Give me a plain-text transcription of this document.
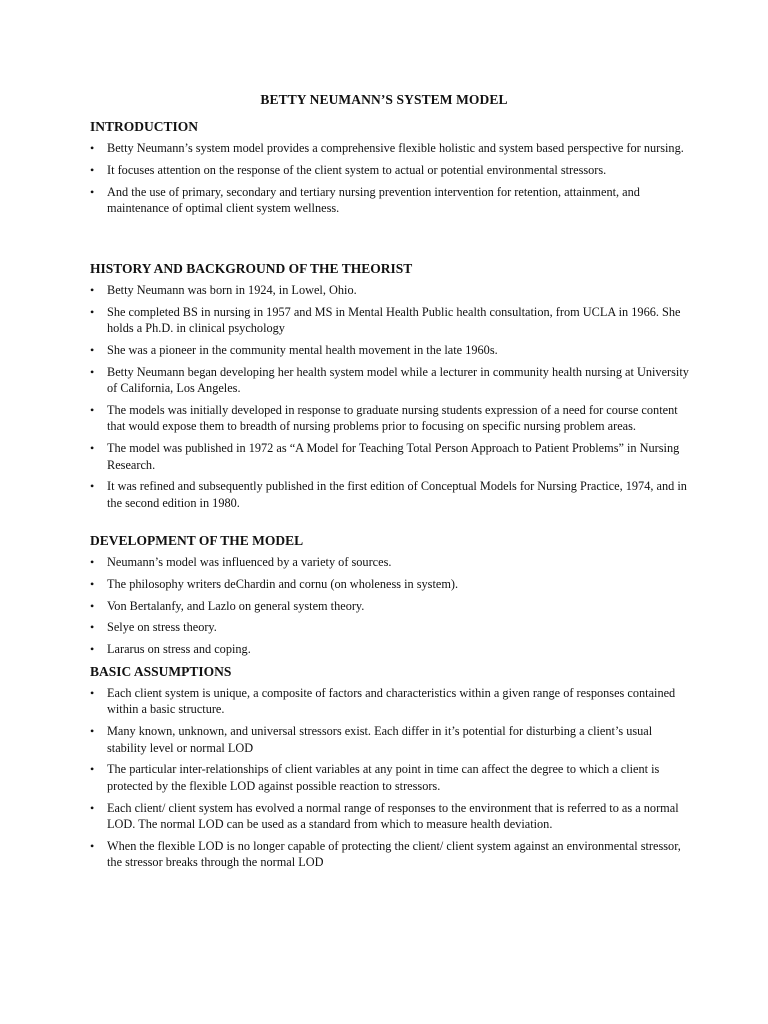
BETTY NEUMANN’S SYSTEM MODEL
INTRODUCTION
• Betty Neumann’s system model provides a comprehensive flexible holistic and system based perspective for nursing.
• It focuses attention on the response of the client system to actual or potential environmental stressors.
• And the use of primary, secondary and tertiary nursing prevention intervention for retention, attainment, and maintenance of optimal client system wellness.
HISTORY AND BACKGROUND OF THE THEORIST
• Betty Neumann was born in 1924, in Lowel, Ohio.
• She completed BS in nursing in 1957 and MS in Mental Health Public health consultation, from UCLA in 1966. She holds a Ph.D. in clinical psychology
• She was a pioneer in the community mental health movement in the late 1960s.
• Betty Neumann began developing her health system model while a lecturer in community health nursing at University of California, Los Angeles.
• The models was initially developed in response to graduate nursing students expression of a need for course content that would expose them to breadth of nursing problems prior to focusing on specific nursing problem areas.
• The model was published in 1972 as “A Model for Teaching Total Person Approach to Patient Problems” in Nursing Research.
• It was refined and subsequently published in the first edition of Conceptual Models for Nursing Practice, 1974, and in the second edition in 1980.
DEVELOPMENT OF THE MODEL
• Neumann’s model was influenced by a variety of sources.
• The philosophy writers deChardin and cornu (on wholeness in system).
• Von Bertalanfy, and Lazlo on general system theory.
• Selye on stress theory.
• Lararus on stress and coping.
BASIC ASSUMPTIONS
• Each client system is unique, a composite of factors and characteristics within a given range of responses contained within a basic structure.
• Many known, unknown, and universal stressors exist. Each differ in it’s potential for disturbing a client’s usual stability level or normal LOD
• The particular inter-relationships of client variables at any point in time can affect the degree to which a client is protected by the flexible LOD against possible reaction to stressors.
• Each client/ client system has evolved a normal range of responses to the environment that is referred to as a normal LOD. The normal LOD can be used as a standard from which to measure health deviation.
• When the flexible LOD is no longer capable of protecting the client/ client system against an environmental stressor, the stressor breaks through the normal LOD
